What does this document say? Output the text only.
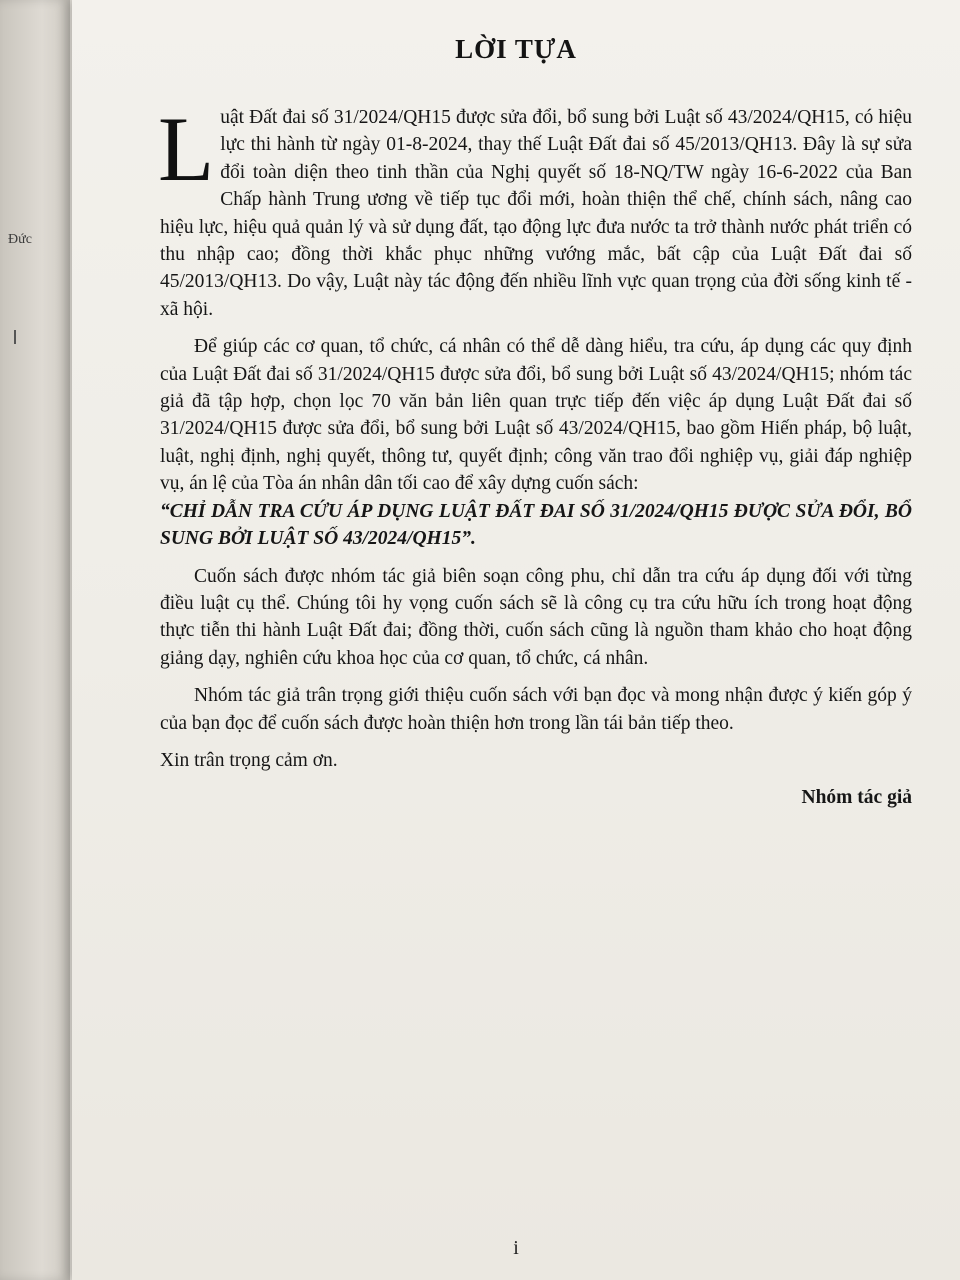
Đức
LỜI TỰA

Luật Đất đai số 31/2024/QH15 được sửa đổi, bổ sung bởi Luật số 43/2024/QH15, có hiệu lực thi hành từ ngày 01-8-2024, thay thế Luật Đất đai số 45/2013/QH13. Đây là sự sửa đổi toàn diện theo tinh thần của Nghị quyết số 18-NQ/TW ngày 16-6-2022 của Ban Chấp hành Trung ương về tiếp tục đổi mới, hoàn thiện thể chế, chính sách, nâng cao hiệu lực, hiệu quả quản lý và sử dụng đất, tạo động lực đưa nước ta trở thành nước phát triển có thu nhập cao; đồng thời khắc phục những vướng mắc, bất cập của Luật Đất đai số 45/2013/QH13. Do vậy, Luật này tác động đến nhiều lĩnh vực quan trọng của đời sống kinh tế - xã hội.

Để giúp các cơ quan, tổ chức, cá nhân có thể dễ dàng hiểu, tra cứu, áp dụng các quy định của Luật Đất đai số 31/2024/QH15 được sửa đổi, bổ sung bởi Luật số 43/2024/QH15; nhóm tác giả đã tập hợp, chọn lọc 70 văn bản liên quan trực tiếp đến việc áp dụng Luật Đất đai số 31/2024/QH15 được sửa đổi, bổ sung bởi Luật số 43/2024/QH15, bao gồm Hiến pháp, bộ luật, luật, nghị định, nghị quyết, thông tư, quyết định; công văn trao đổi nghiệp vụ, giải đáp nghiệp vụ, án lệ của Tòa án nhân dân tối cao để xây dựng cuốn sách:
“CHỈ DẪN TRA CỨU ÁP DỤNG LUẬT ĐẤT ĐAI SỐ 31/2024/QH15 ĐƯỢC SỬA ĐỔI, BỔ SUNG BỞI LUẬT SỐ 43/2024/QH15”.

Cuốn sách được nhóm tác giả biên soạn công phu, chỉ dẫn tra cứu áp dụng đối với từng điều luật cụ thể. Chúng tôi hy vọng cuốn sách sẽ là công cụ tra cứu hữu ích trong hoạt động thực tiễn thi hành Luật Đất đai; đồng thời, cuốn sách cũng là nguồn tham khảo cho hoạt động giảng dạy, nghiên cứu khoa học của cơ quan, tổ chức, cá nhân.

Nhóm tác giả trân trọng giới thiệu cuốn sách với bạn đọc và mong nhận được ý kiến góp ý của bạn đọc để cuốn sách được hoàn thiện hơn trong lần tái bản tiếp theo.

Xin trân trọng cảm ơn.

Nhóm tác giả

i
